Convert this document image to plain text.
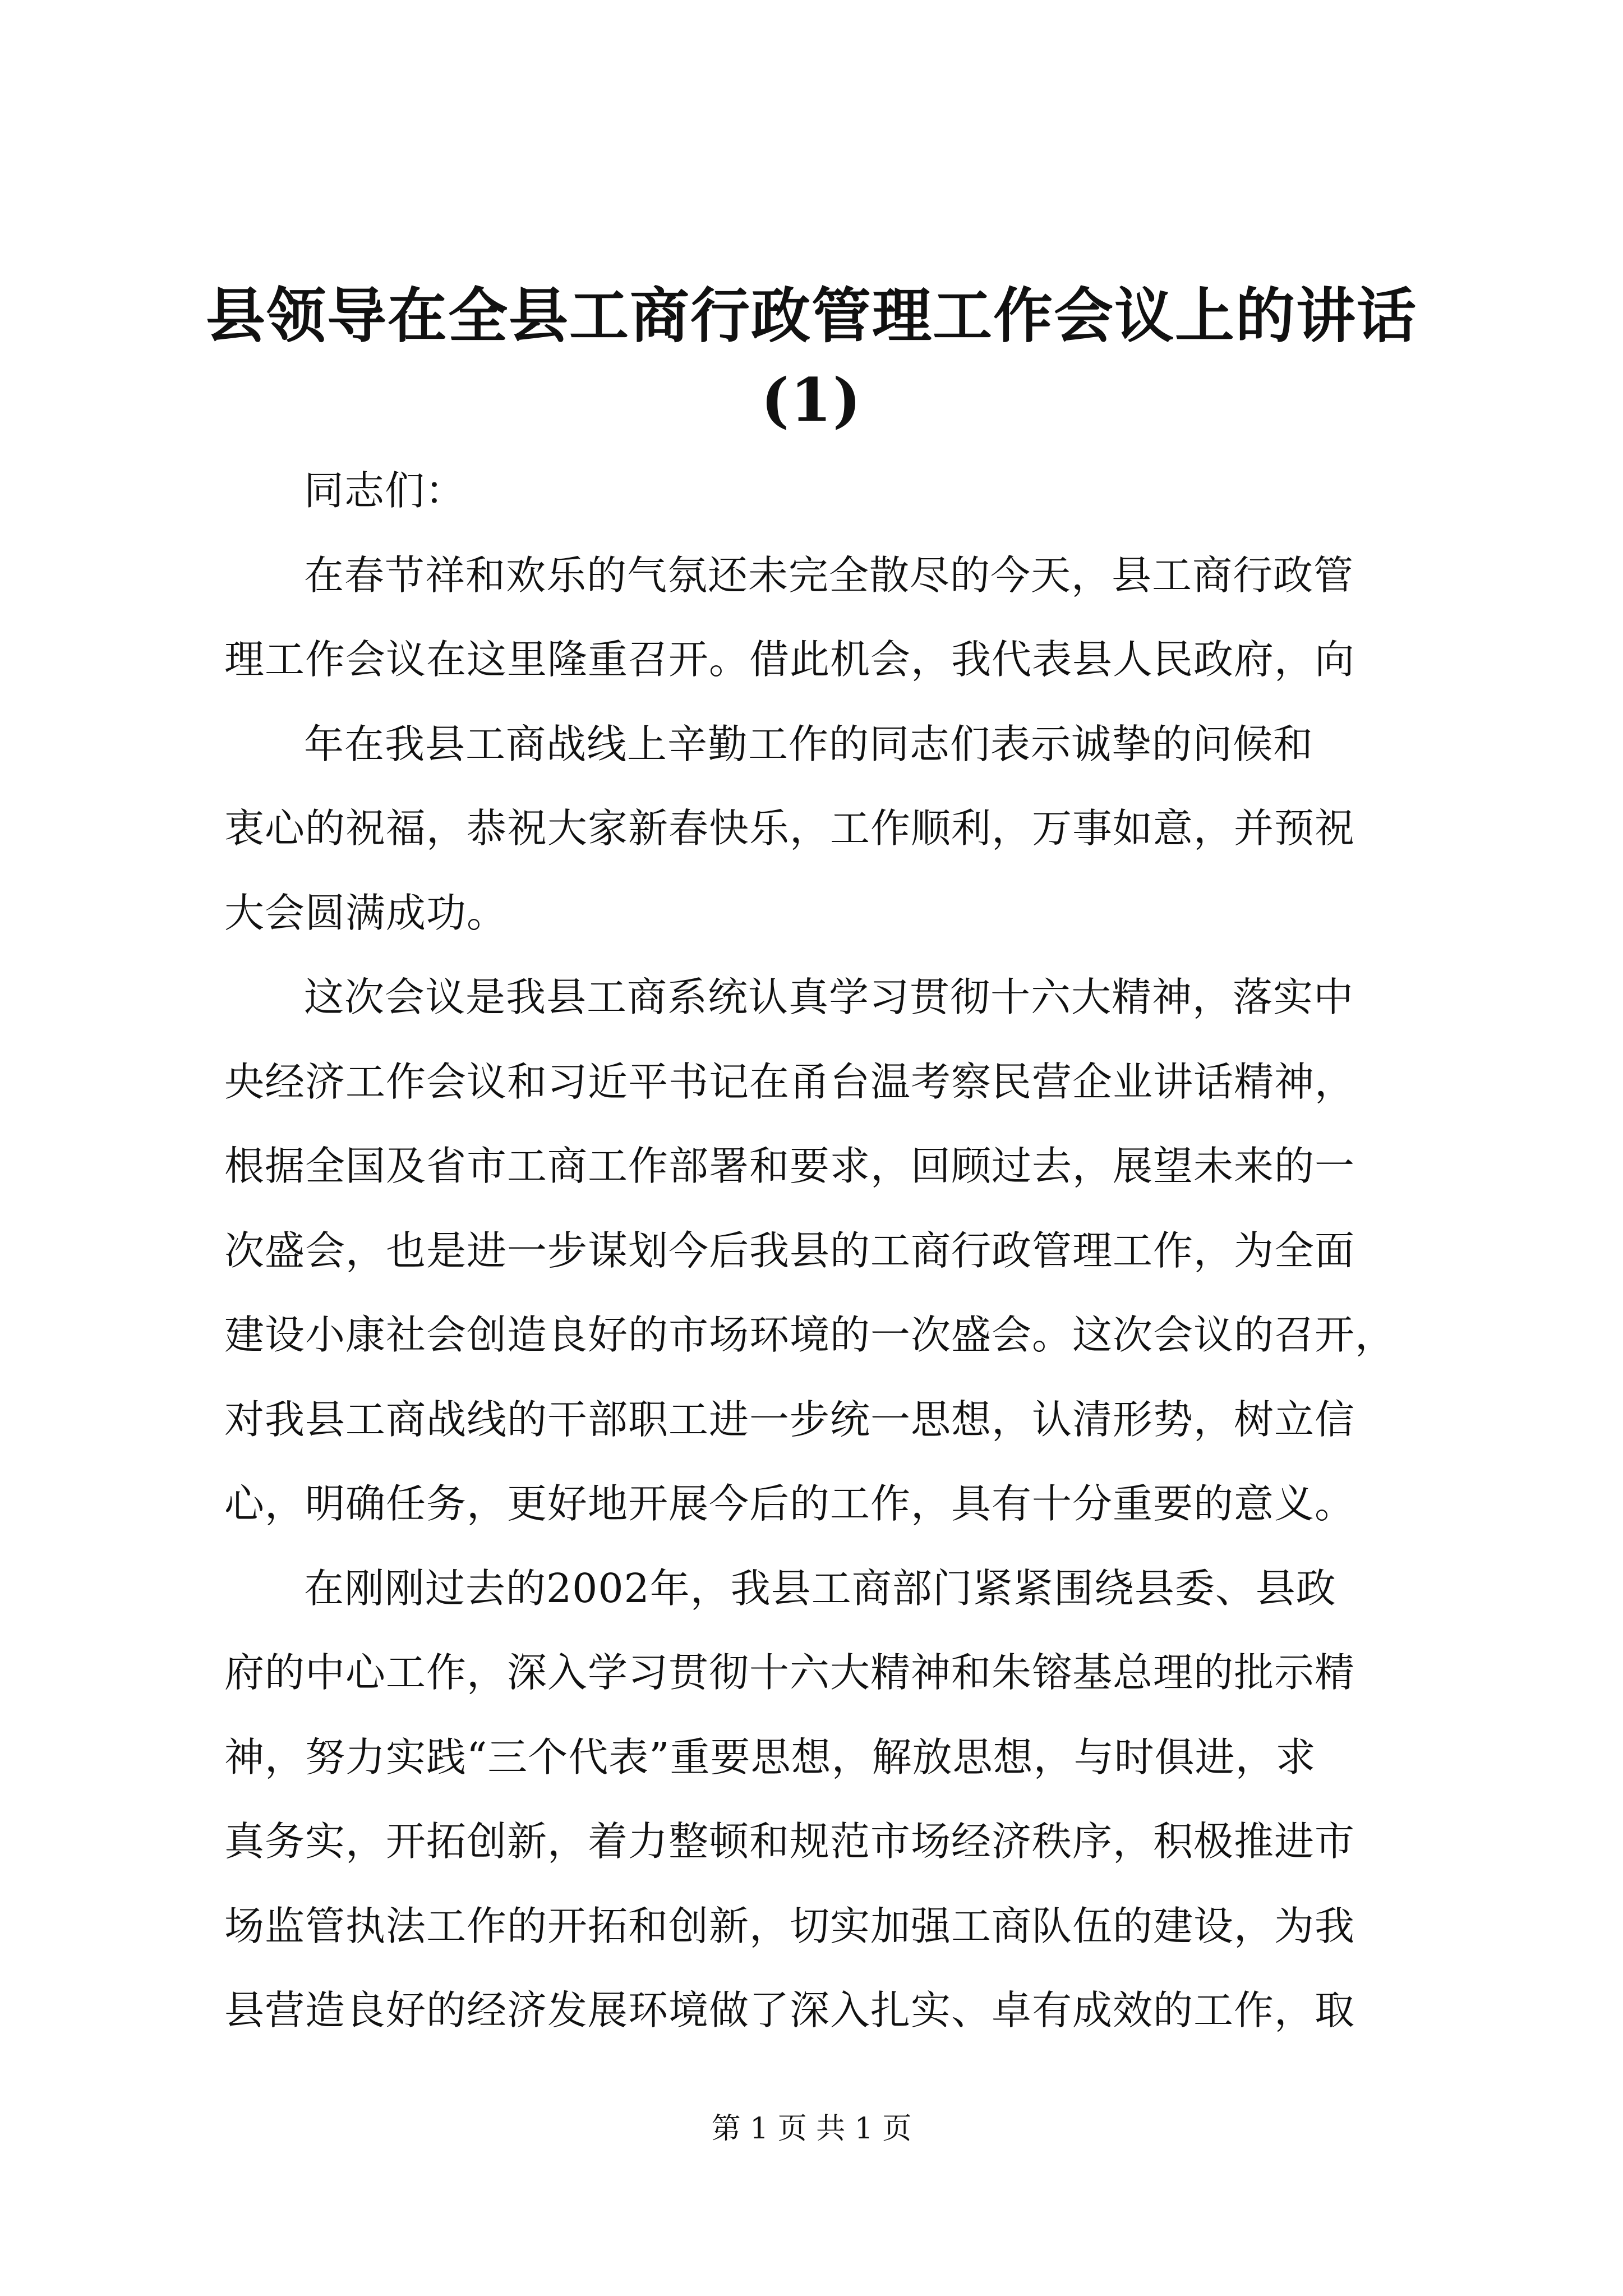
县领导在全县工商行政管理工作会议上的讲话
(1)
同志们：
在春节祥和欢乐的气氛还未完全散尽的今天，县工商行政管
理工作会议在这里隆重召开。借此机会，我代表县人民政府，向
年在我县工商战线上辛勤工作的同志们表示诚挚的问候和
衷心的祝福，恭祝大家新春快乐，工作顺利，万事如意，并预祝
大会圆满成功。
这次会议是我县工商系统认真学习贯彻十六大精神，落实中
央经济工作会议和习近平书记在甬台温考察民营企业讲话精神，
根据全国及省市工商工作部署和要求，回顾过去，展望未来的一
次盛会，也是进一步谋划今后我县的工商行政管理工作，为全面
建设小康社会创造良好的市场环境的一次盛会。这次会议的召开，
对我县工商战线的干部职工进一步统一思想，认清形势，树立信
心，明确任务，更好地开展今后的工作，具有十分重要的意义。
在刚刚过去的2002年，我县工商部门紧紧围绕县委、县政
府的中心工作，深入学习贯彻十六大精神和朱镕基总理的批示精
神，努力实践“三个代表”重要思想，解放思想，与时俱进，求
真务实，开拓创新，着力整顿和规范市场经济秩序，积极推进市
场监管执法工作的开拓和创新，切实加强工商队伍的建设，为我
县营造良好的经济发展环境做了深入扎实、卓有成效的工作，取
第 1 页 共 1 页
